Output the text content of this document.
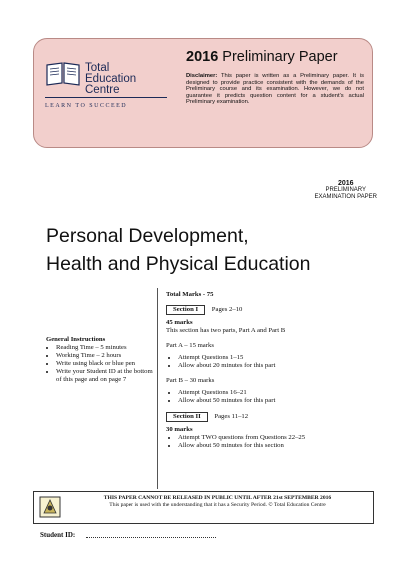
Total
Education
Centre
LEARN TO SUCCEED
2016 Preliminary Paper
Disclaimer: This paper is written as a Preliminary paper. It is designed to provide practice consistent with the demands of the Preliminary course and its examination. However, we do not guarantee it predicts question content for a student's actual Preliminary examination.
2016
PRELIMINARY
EXAMINATION PAPER
Personal Development,
Health and Physical Education
General Instructions
• Reading Time – 5 minutes
• Working Time – 2 hours
• Write using black or blue pen
• Write your Student ID at the bottom of this page and on page 7
Total Marks - 75
Section I Pages 2–10
45 marks
This section has two parts, Part A and Part B
Part A – 15 marks
• Attempt Questions 1–15
• Allow about 20 minutes for this part
Part B – 30 marks
• Attempt Questions 16–21
• Allow about 50 minutes for this part
Section II Pages 11–12
30 marks
• Attempt TWO questions from Questions 22–25
• Allow about 50 minutes for this section
THIS PAPER CANNOT BE RELEASED IN PUBLIC UNTIL AFTER 21st SEPTEMBER 2016
This paper is used with the understanding that it has a Security Period. © Total Education Centre
Student ID:
